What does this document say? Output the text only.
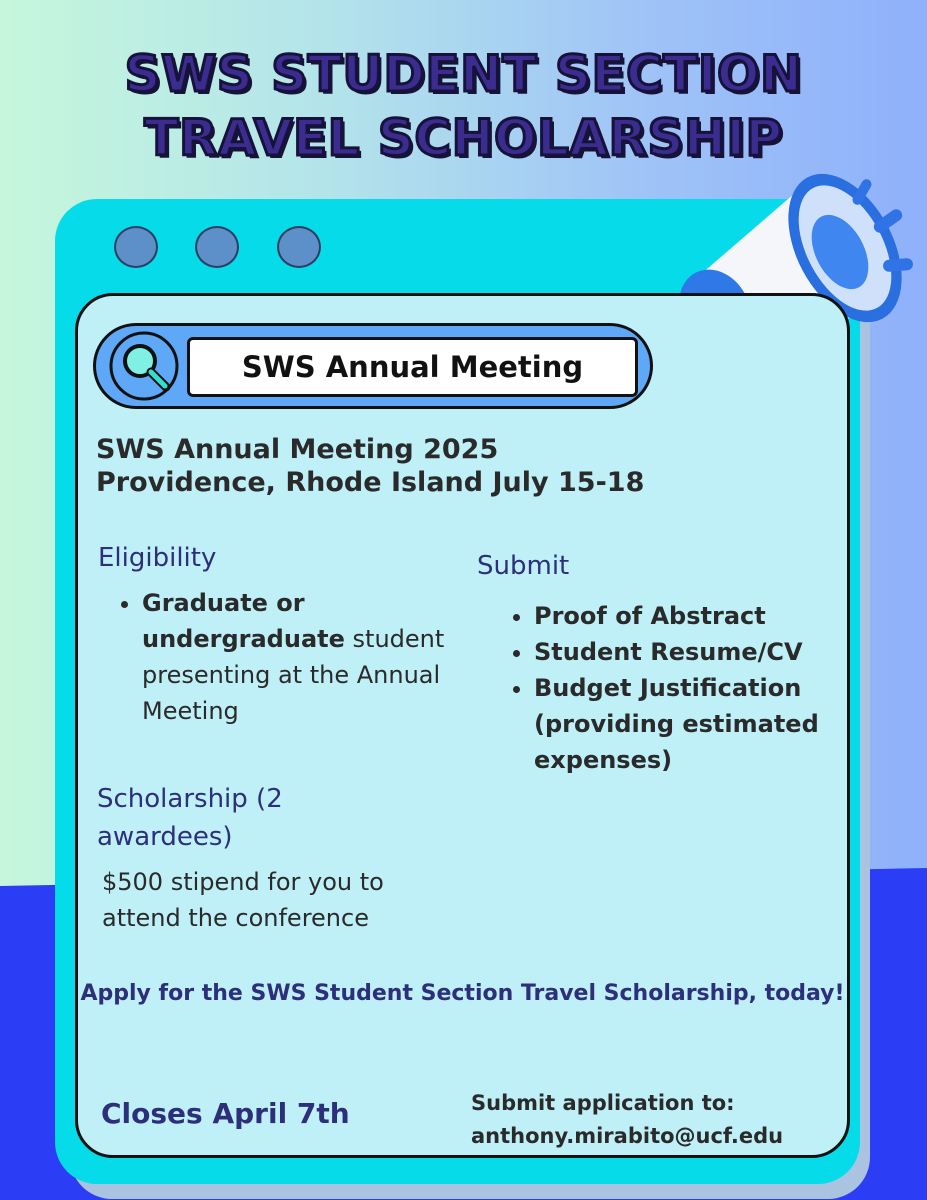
SWS STUDENT SECTION
TRAVEL SCHOLARSHIP
SWS Annual Meeting
SWS Annual Meeting 2025
Providence, Rhode Island July 15-18
Eligibility
• Graduate or undergraduate student presenting at the Annual Meeting
Submit
• Proof of Abstract
• Student Resume/CV
• Budget Justification (providing estimated expenses)
Scholarship (2 awardees)

$500 stipend for you to attend the conference

Apply for the SWS Student Section Travel Scholarship, today!

Closes April 7th	Submit application to:
anthony.mirabito@ucf.edu
